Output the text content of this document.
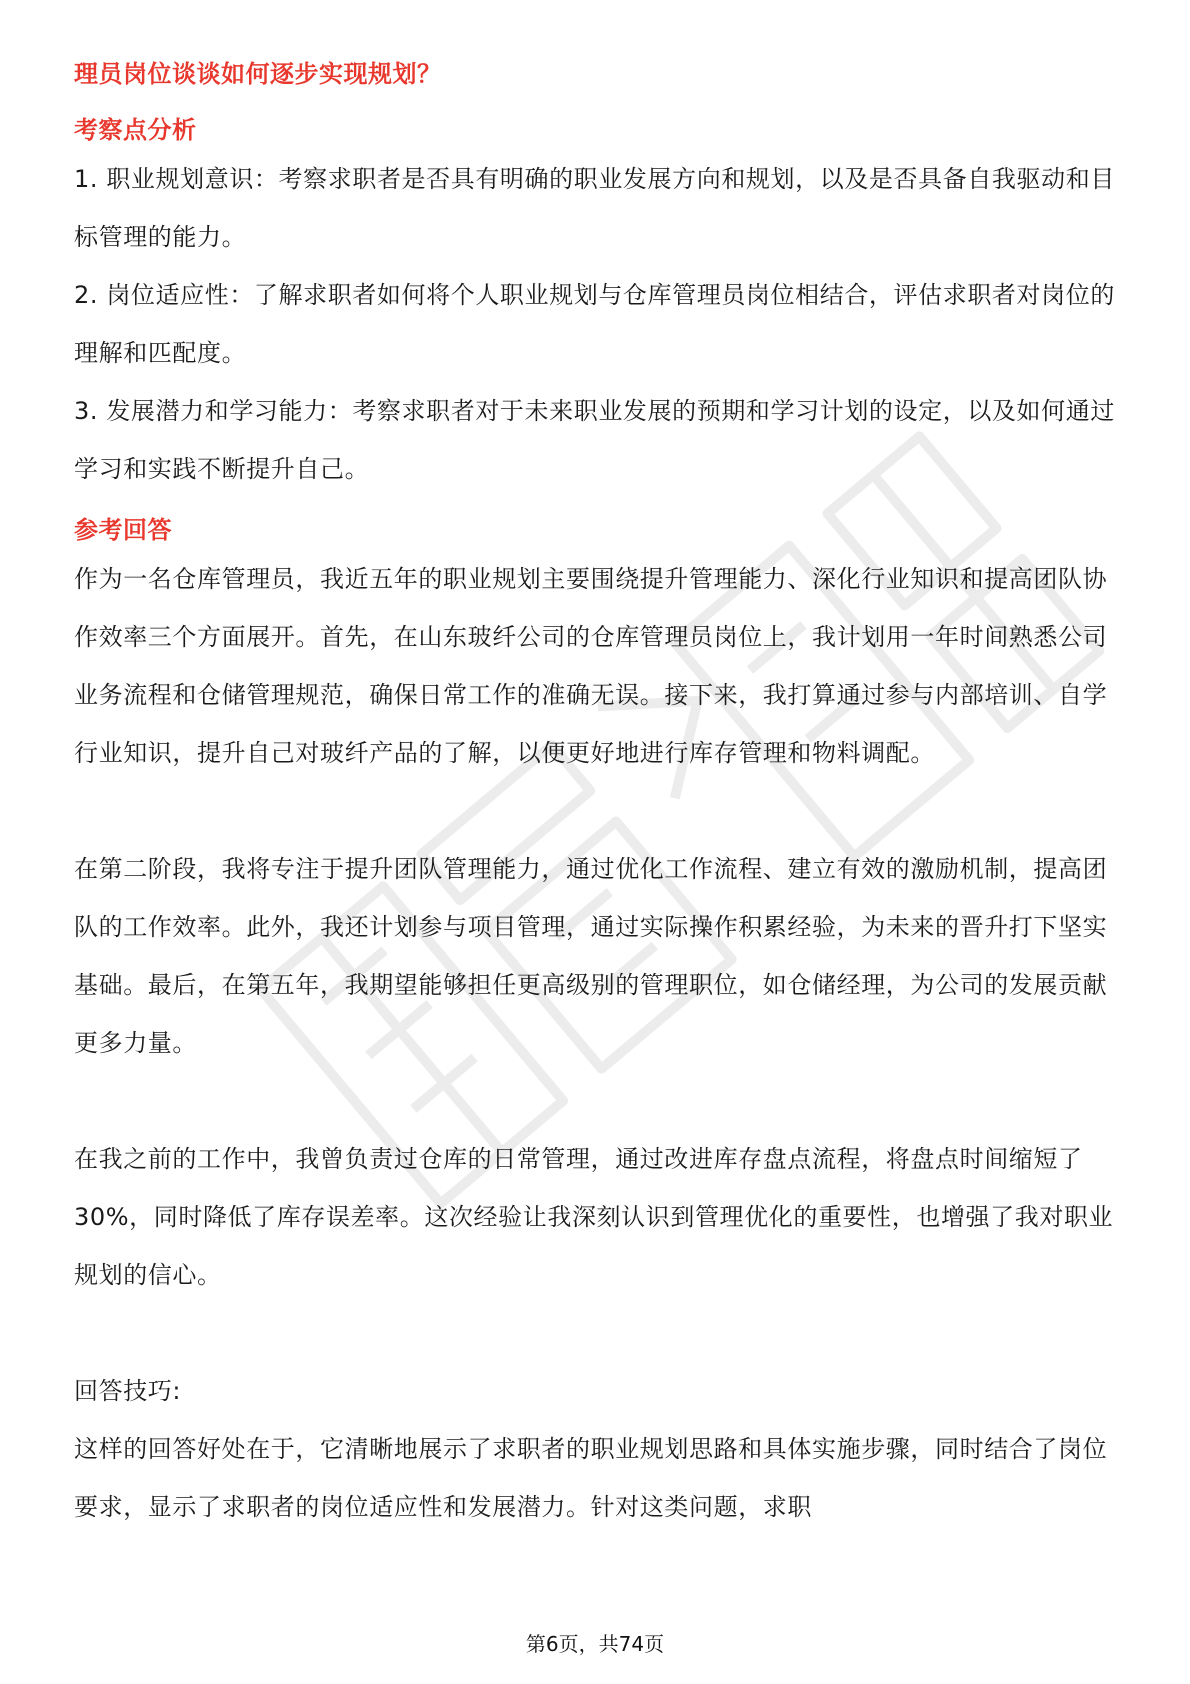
理员岗位谈谈如何逐步实现规划？

考察点分析

1. 职业规划意识：考察求职者是否具有明确的职业发展方向和规划，以及是否具备自我驱动和目标管理的能力。

2. 岗位适应性：了解求职者如何将个人职业规划与仓库管理员岗位相结合，评估求职者对岗位的理解和匹配度。

3. 发展潜力和学习能力：考察求职者对于未来职业发展的预期和学习计划的设定，以及如何通过学习和实践不断提升自己。

参考回答

作为一名仓库管理员，我近五年的职业规划主要围绕提升管理能力、深化行业知识和提高团队协作效率三个方面展开。首先，在山东玻纤公司的仓库管理员岗位上，我计划用一年时间熟悉公司业务流程和仓储管理规范，确保日常工作的准确无误。接下来，我打算通过参与内部培训、自学行业知识，提升自己对玻纤产品的了解，以便更好地进行库存管理和物料调配。

在第二阶段，我将专注于提升团队管理能力，通过优化工作流程、建立有效的激励机制，提高团队的工作效率。此外，我还计划参与项目管理，通过实际操作积累经验，为未来的晋升打下坚实基础。最后，在第五年，我期望能够担任更高级别的管理职位，如仓储经理，为公司的发展贡献更多力量。

在我之前的工作中，我曾负责过仓库的日常管理，通过改进库存盘点流程，将盘点时间缩短了30%，同时降低了库存误差率。这次经验让我深刻认识到管理优化的重要性，也增强了我对职业规划的信心。

回答技巧:

这样的回答好处在于，它清晰地展示了求职者的职业规划思路和具体实施步骤，同时结合了岗位要求，显示了求职者的岗位适应性和发展潜力。针对这类问题，求职

第6页，共74页
